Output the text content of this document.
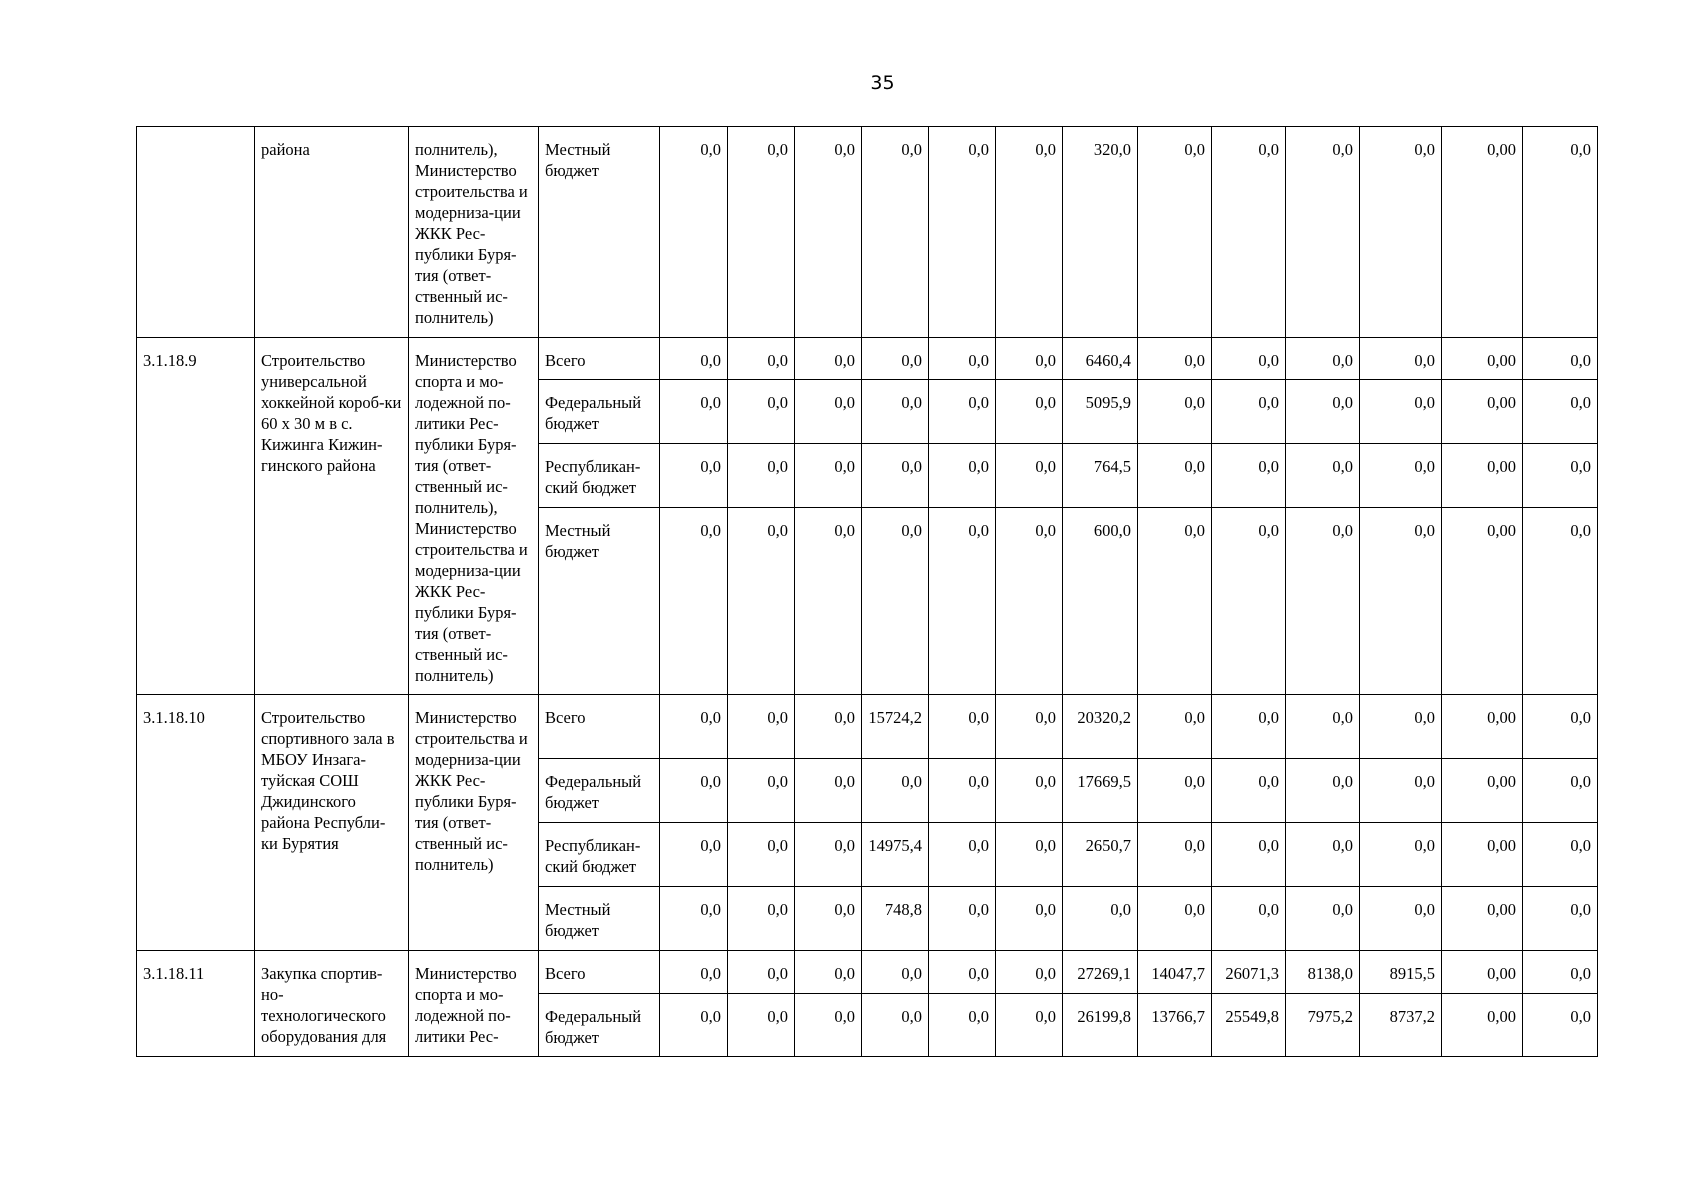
35
	района	полнитель), Министерство строительства и модерниза-ции ЖКК Рес-публики Буря-тия (ответ-ственный ис-полнитель)	Местный бюджет	0,0	0,0	0,0	0,0	0,0	0,0	320,0	0,0	0,0	0,0	0,0	0,00	0,0
3.1.18.9	Строительство универсальной хоккейной короб-ки 60 х 30 м в с. Кижинга Кижин-гинского района	Министерство спорта и мо-лодежной по-литики Рес-публики Буря-тия (ответ-ственный ис-полнитель), Министерство строительства и модерниза-ции ЖКК Рес-публики Буря-тия (ответ-ственный ис-полнитель)	Всего	0,0	0,0	0,0	0,0	0,0	0,0	6460,4	0,0	0,0	0,0	0,0	0,00	0,0
			Федеральный бюджет	0,0	0,0	0,0	0,0	0,0	0,0	5095,9	0,0	0,0	0,0	0,0	0,00	0,0
			Республикан-ский бюджет	0,0	0,0	0,0	0,0	0,0	0,0	764,5	0,0	0,0	0,0	0,0	0,00	0,0
			Местный бюджет	0,0	0,0	0,0	0,0	0,0	0,0	600,0	0,0	0,0	0,0	0,0	0,00	0,0
3.1.18.10	Строительство спортивного зала в МБОУ Инзага-туйская СОШ Джидинского района Республи-ки Бурятия	Министерство строительства и модерниза-ции ЖКК Рес-публики Буря-тия (ответ-ственный ис-полнитель)	Всего	0,0	0,0	0,0	15724,2	0,0	0,0	20320,2	0,0	0,0	0,0	0,0	0,00	0,0
			Федеральный бюджет	0,0	0,0	0,0	0,0	0,0	0,0	17669,5	0,0	0,0	0,0	0,0	0,00	0,0
			Республикан-ский бюджет	0,0	0,0	0,0	14975,4	0,0	0,0	2650,7	0,0	0,0	0,0	0,0	0,00	0,0
			Местный бюджет	0,0	0,0	0,0	748,8	0,0	0,0	0,0	0,0	0,0	0,0	0,0	0,00	0,0
3.1.18.11	Закупка спортив-но-технологического оборудования для	Министерство спорта и мо-лодежной по-литики Рес-	Всего	0,0	0,0	0,0	0,0	0,0	0,0	27269,1	14047,7	26071,3	8138,0	8915,5	0,00	0,0
			Федеральный бюджет	0,0	0,0	0,0	0,0	0,0	0,0	26199,8	13766,7	25549,8	7975,2	8737,2	0,00	0,0
